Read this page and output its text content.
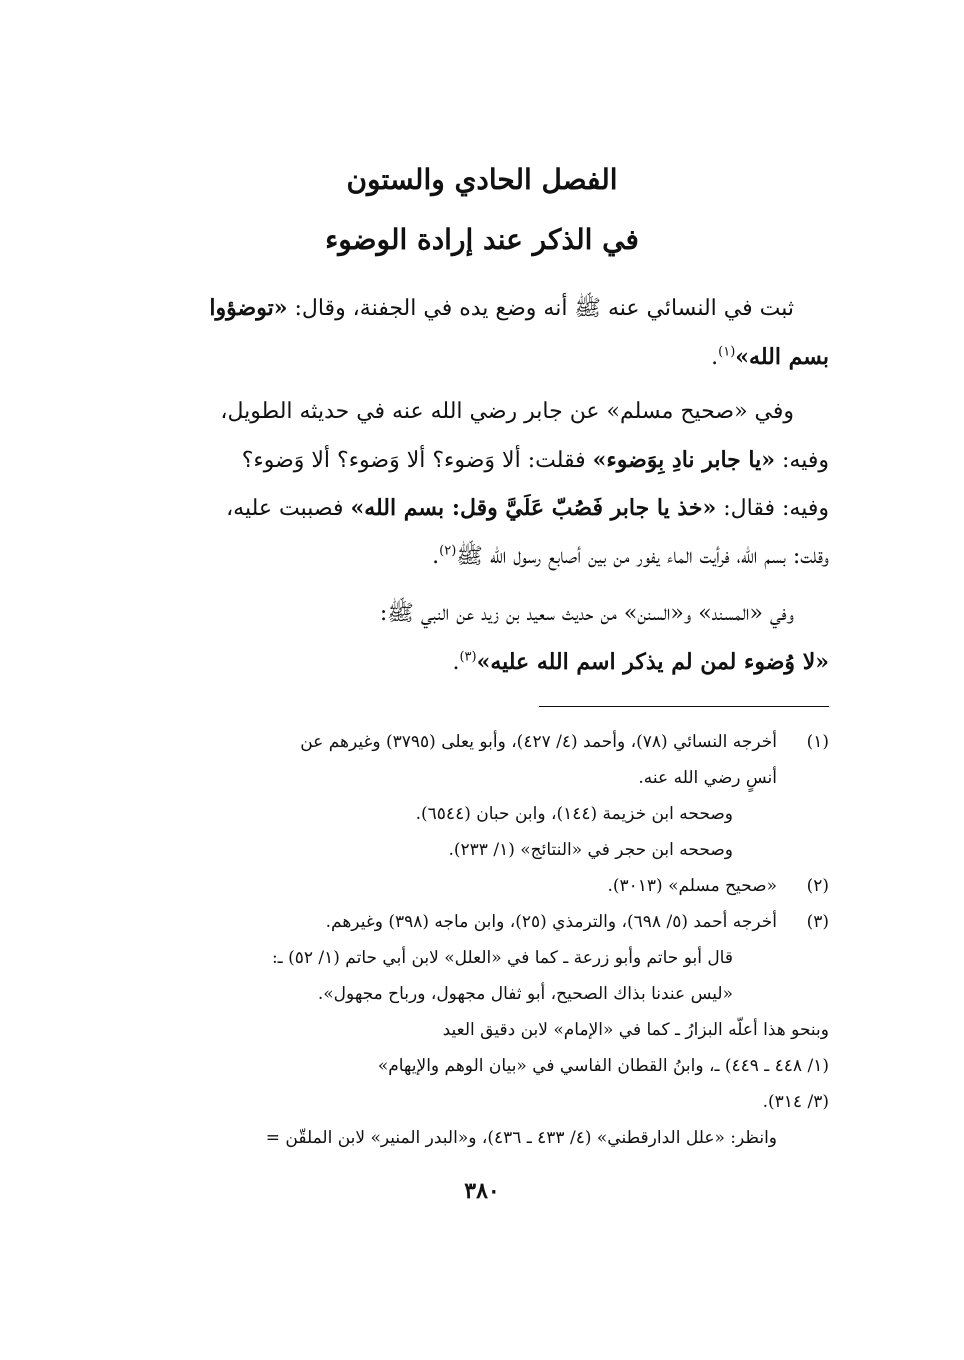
الفصل الحادي والستون
في الذكر عند إرادة الوضوء
ثبت في النسائي عنه ﷺ أنه وضع يده في الجفنة، وقال: «توضؤوا
بسم الله»$^{(١)}$.
وفي «صحيح مسلم» عن جابر رضي الله عنه في حديثه الطويل،
وفيه: «يا جابر نادِ بِوَضوء» فقلت: ألا وَضوء؟ ألا وَضوء؟ ألا وَضوء؟
وفيه: فقال: «خذ يا جابر فَصُبّ عَلَيَّ وقل: بسم الله» فصببت عليه،
وقلت: بسم الله، فرأيت الماء يفور من بين أصابع رسول الله ﷺ$^{(٢)}$.
وفي «المسند» و«السنن» من حديث سعيد بن زيد عن النبي ﷺ:
«لا وُضوء لمن لم يذكر اسم الله عليه»$^{(٣)}$.
(١)
أخرجه النسائي (٧٨)، وأحمد (٤/ ٤٢٧)، وأبو يعلى (٣٧٩٥) وغيرهم عن
أنسٍ رضي الله عنه.
وصححه ابن خزيمة (١٤٤)، وابن حبان (٦٥٤٤).
وصححه ابن حجر في «النتائج» (١/ ٢٣٣).
(٢)
«صحيح مسلم» (٣٠١٣).
(٣)
أخرجه أحمد (٥/ ٦٩٨)، والترمذي (٢٥)، وابن ماجه (٣٩٨) وغيرهم.
قال أبو حاتم وأبو زرعة ـ كما في «العلل» لابن أبي حاتم (١/ ٥٢) ـ:
«ليس عندنا بذاك الصحيح، أبو ثفال مجهول، ورباح مجهول».
وبنحو هذا أعلّه البزارُ ـ كما في «الإمام» لابن دقيق العيد
(١/ ٤٤٨ ـ ٤٤٩) ـ، وابنُ القطان الفاسي في «بيان الوهم والإيهام»
(٣/ ٣١٤).
وانظر: «علل الدارقطني» (٤/ ٤٣٣ ـ ٤٣٦)، و«البدر المنير» لابن الملقّن =
٣٨٠
